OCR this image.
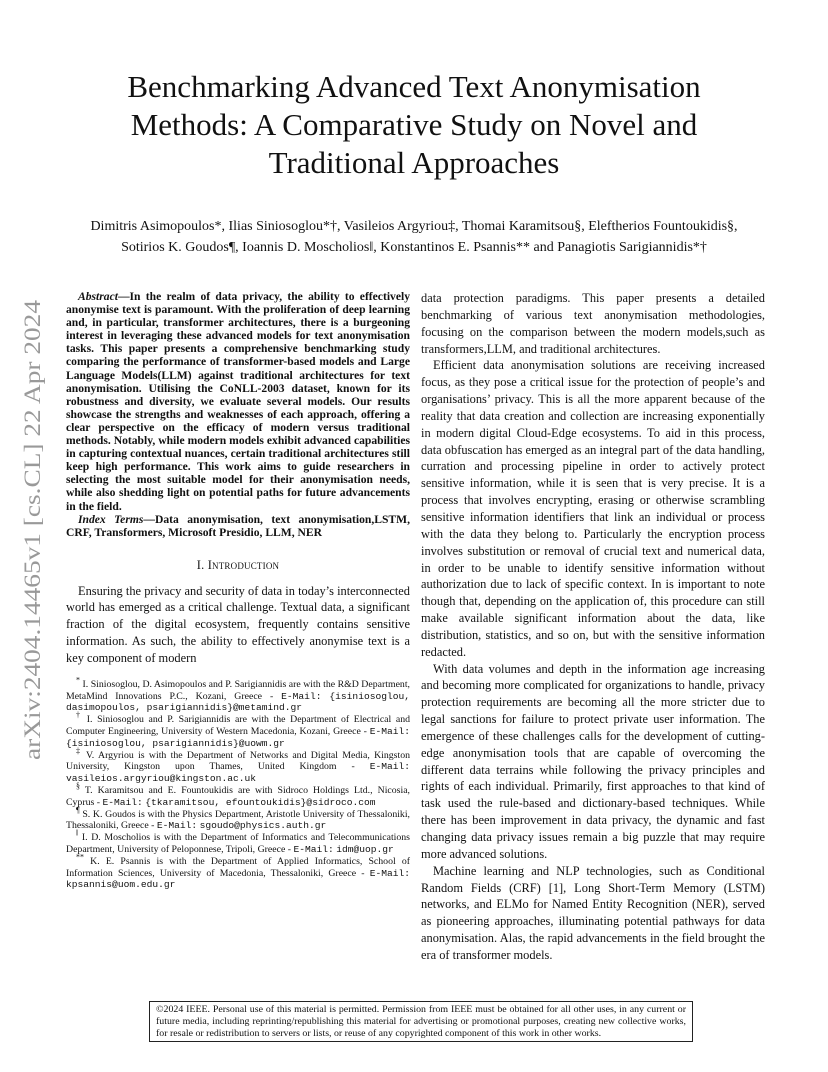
arXiv:2404.14465v1 [cs.CL] 22 Apr 2024
Benchmarking Advanced Text Anonymisation Methods: A Comparative Study on Novel and Traditional Approaches
Dimitris Asimopoulos*, Ilias Siniosoglou*†, Vasileios Argyriou‡, Thomai Karamitsou§, Eleftherios Fountoukidis§,
Sotirios K. Goudos¶, Ioannis D. Moscholios‖, Konstantinos E. Psannis** and Panagiotis Sarigiannidis*†

Abstract—In the realm of data privacy, the ability to effectively anonymise text is paramount. With the proliferation of deep learning and, in particular, transformer architectures, there is a burgeoning interest in leveraging these advanced models for text anonymisation tasks. This paper presents a comprehensive benchmarking study comparing the performance of transformer-based models and Large Language Models(LLM) against traditional architectures for text anonymisation. Utilising the CoNLL-2003 dataset, known for its robustness and diversity, we evaluate several models. Our results showcase the strengths and weaknesses of each approach, offering a clear perspective on the efficacy of modern versus traditional methods. Notably, while modern models exhibit advanced capabilities in capturing contextual nuances, certain traditional architectures still keep high performance. This work aims to guide researchers in selecting the most suitable model for their anonymisation needs, while also shedding light on potential paths for future advancements in the field.

Index Terms—Data anonymisation, text anonymisation,LSTM, CRF, Transformers, Microsoft Presidio, LLM, NER

I. Introduction

Ensuring the privacy and security of data in today’s interconnected world has emerged as a critical challenge. Textual data, a significant fraction of the digital ecosystem, frequently contains sensitive information. As such, the ability to effectively anonymise text is a key component of modern

* I. Siniosoglou, D. Asimopoulos and P. Sarigiannidis are with the R&D Department, MetaMind Innovations P.C., Kozani, Greece - E-Mail: {isiniosoglou, dasimopoulos, psarigiannidis}@metamind.gr

† I. Siniosoglou and P. Sarigiannidis are with the Department of Electrical and Computer Engineering, University of Western Macedonia, Kozani, Greece - E-Mail: {isiniosoglou, psarigiannidis}@uowm.gr

‡ V. Argyriou is with the Department of Networks and Digital Media, Kingston University, Kingston upon Thames, United Kingdom - E-Mail: vasileios.argyriou@kingston.ac.uk

§ T. Karamitsou and E. Fountoukidis are with Sidroco Holdings Ltd., Nicosia, Cyprus - E-Mail: {tkaramitsou, efountoukidis}@sidroco.com

¶ S. K. Goudos is with the Physics Department, Aristotle University of Thessaloniki, Thessaloniki, Greece - E-Mail: sgoudo@physics.auth.gr

‖ I. D. Moscholios is with the Department of Informatics and Telecommunications Department, University of Peloponnese, Tripoli, Greece - E-Mail: idm@uop.gr

** K. E. Psannis is with the Department of Applied Informatics, School of Information Sciences, University of Macedonia, Thessaloniki, Greece - E-Mail: kpsannis@uom.edu.gr

data protection paradigms. This paper presents a detailed benchmarking of various text anonymisation methodologies, focusing on the comparison between the modern models,such as transformers,LLM, and traditional architectures.

Efficient data anonymisation solutions are receiving increased focus, as they pose a critical issue for the protection of people’s and organisations’ privacy. This is all the more apparent because of the reality that data creation and collection are increasing exponentially in modern digital Cloud-Edge ecosystems. To aid in this process, data obfuscation has emerged as an integral part of the data handling, curration and processing pipeline in order to actively protect sensitive information, while it is seen that is very precise. It is a process that involves encrypting, erasing or otherwise scrambling sensitive information identifiers that link an individual or process with the data they belong to. Particularly the encryption process involves substitution or removal of crucial text and numerical data, in order to be unable to identify sensitive information without authorization due to lack of specific context. In is important to note though that, depending on the application of, this procedure can still make available significant information about the data, like distribution, statistics, and so on, but with the sensitive information redacted.

With data volumes and depth in the information age increasing and becoming more complicated for organizations to handle, privacy protection requirements are becoming all the more stricter due to legal sanctions for failure to protect private user information. The emergence of these challenges calls for the development of cutting-edge anonymisation tools that are capable of overcoming the different data terrains while following the privacy principles and rights of each individual. Primarily, first approaches to that kind of task used the rule-based and dictionary-based techniques. While there has been improvement in data privacy, the dynamic and fast changing data privacy issues remain a big puzzle that may require more advanced solutions.

Machine learning and NLP technologies, such as Conditional Random Fields (CRF) [1], Long Short-Term Memory (LSTM) networks, and ELMo for Named Entity Recognition (NER), served as pioneering approaches, illuminating potential pathways for data anonymisation. Alas, the rapid advancements in the field brought the era of transformer models.

©2024 IEEE. Personal use of this material is permitted. Permission from IEEE must be obtained for all other uses, in any current or future media, including reprinting/republishing this material for advertising or promotional purposes, creating new collective works, for resale or redistribution to servers or lists, or reuse of any copyrighted component of this work in other works.
